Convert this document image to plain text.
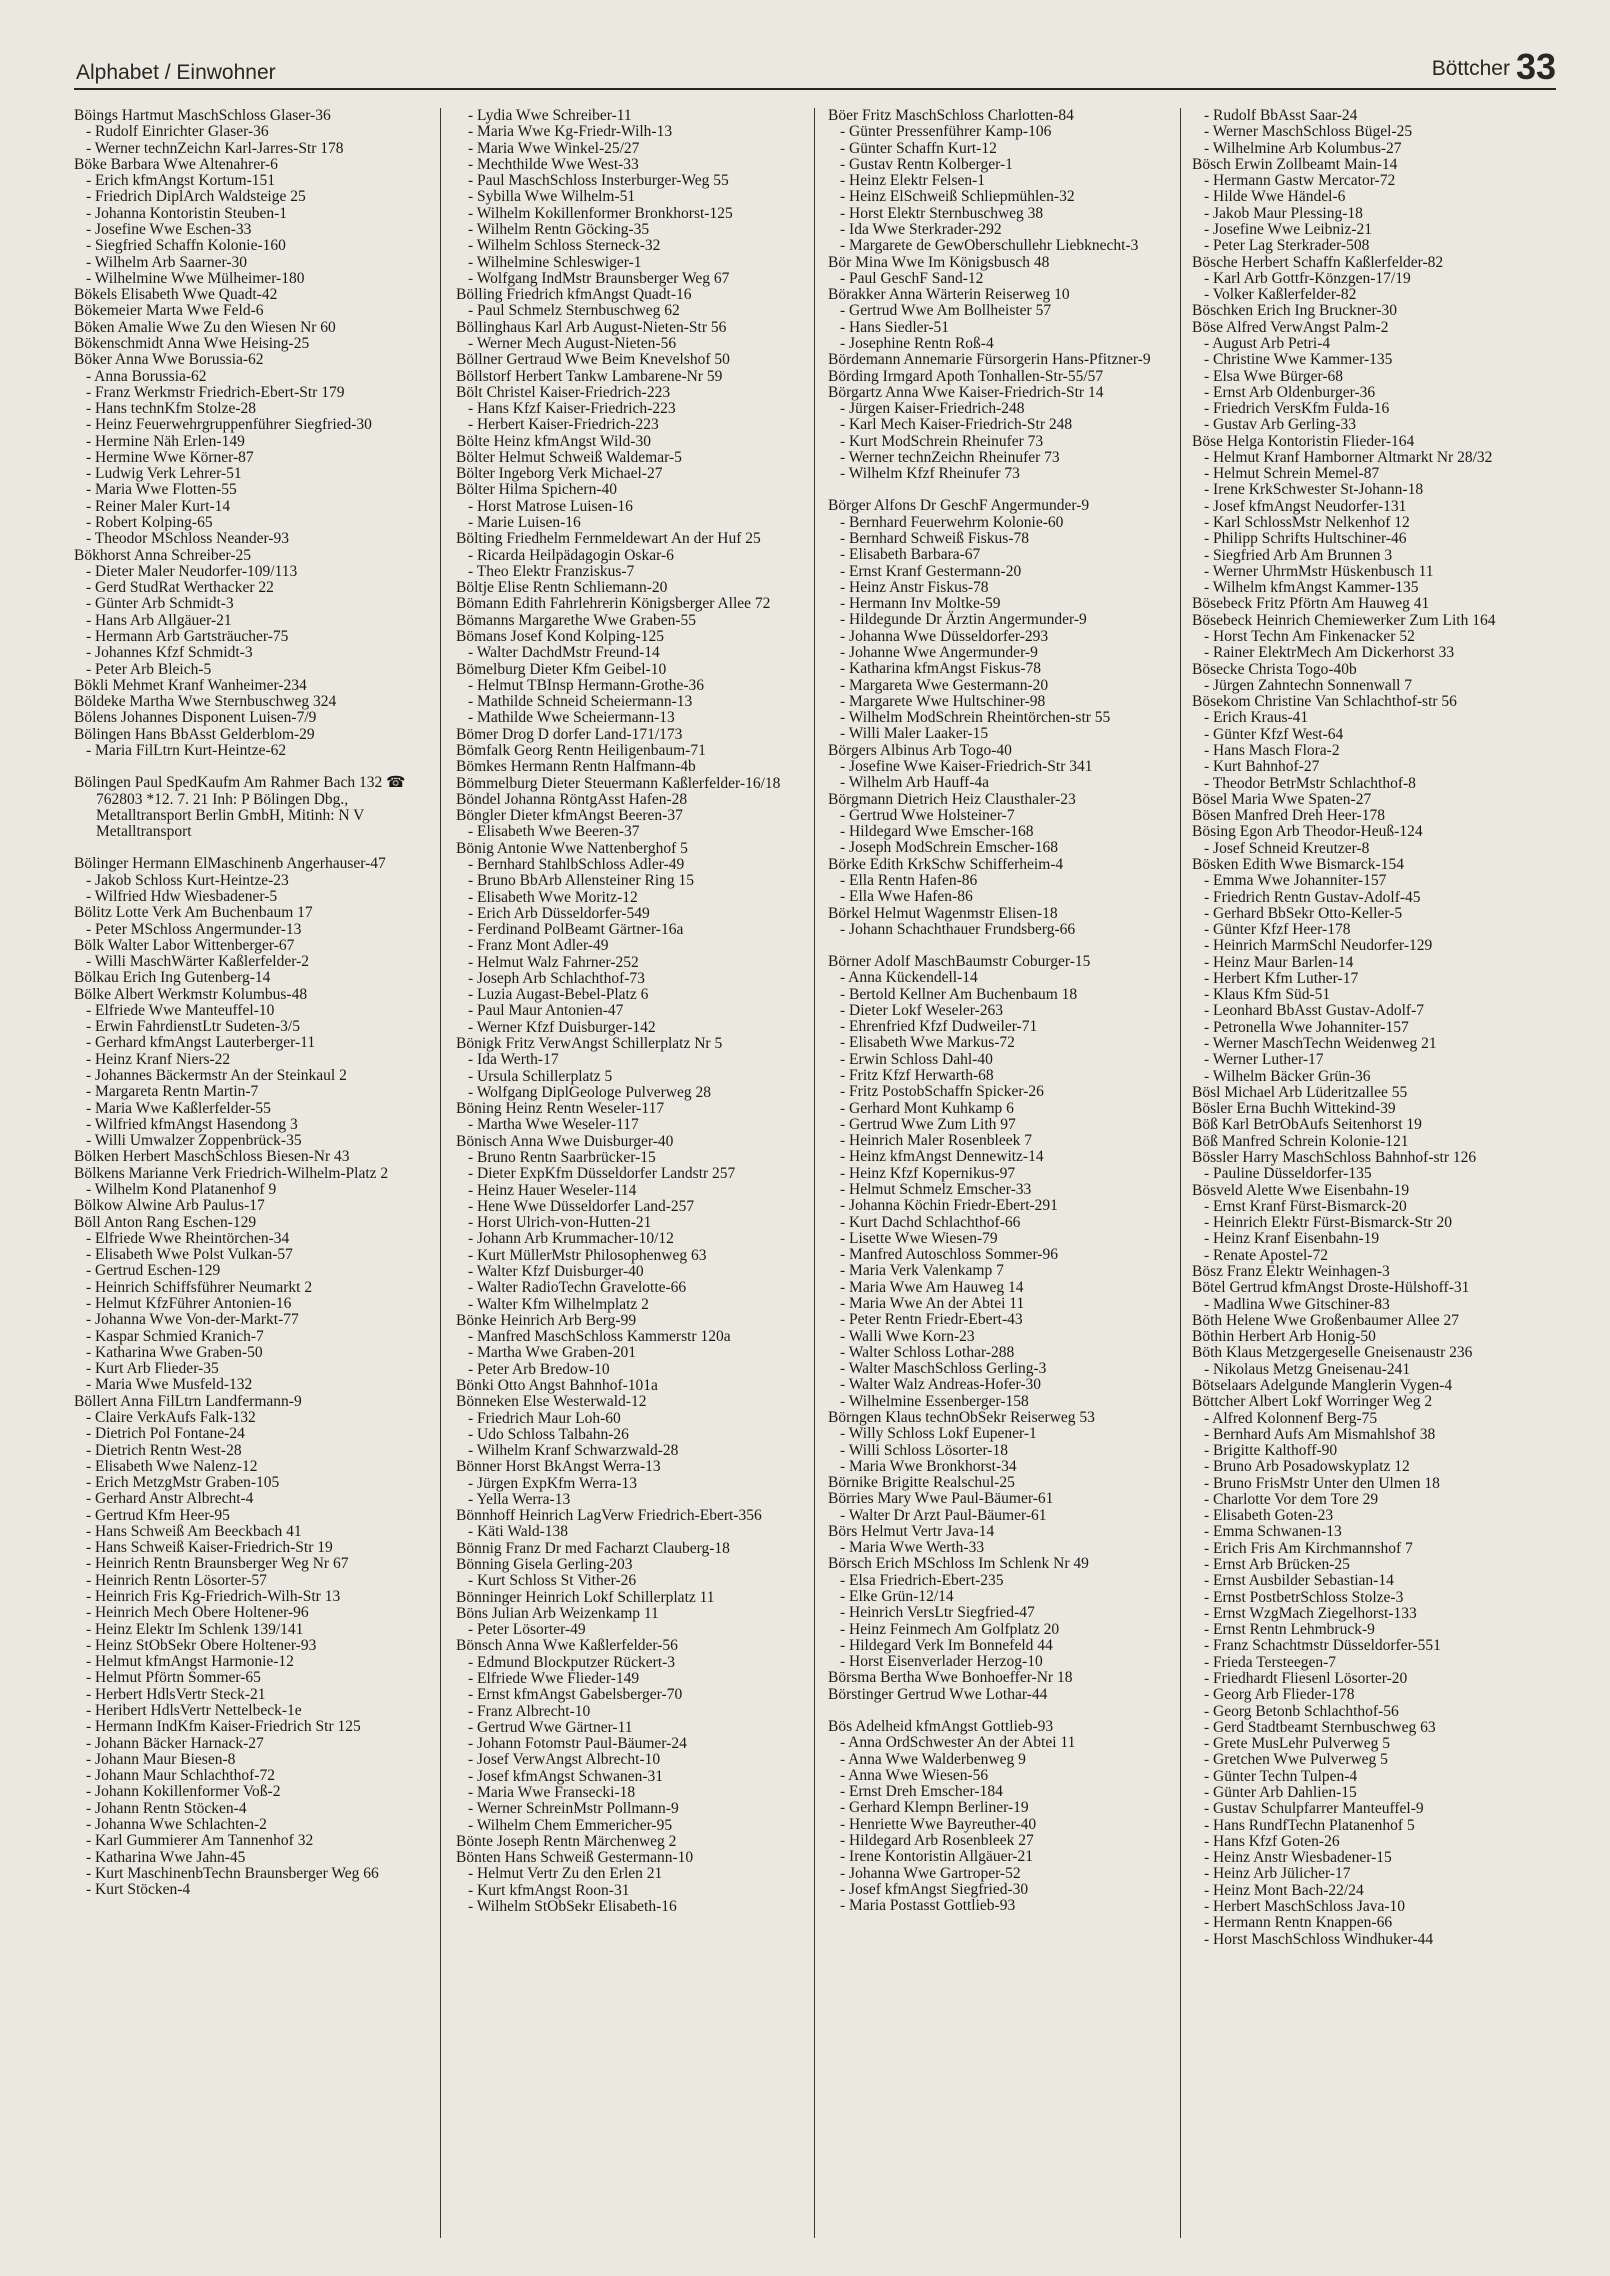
Alphabet / Einwohner	Böttcher 33
Böings Hartmut MaschSchloss Glaser-36
- Rudolf Einrichter Glaser-36
- Werner technZeichn Karl-Jarres-Str 178
Böke Barbara Wwe Altenahrer-6
- Erich kfmAngst Kortum-151
- Friedrich DiplArch Waldsteige 25
- Johanna Kontoristin Steuben-1
- Josefine Wwe Eschen-33
- Siegfried Schaffn Kolonie-160
- Wilhelm Arb Saarner-30
- Wilhelmine Wwe Mülheimer-180
Bökels Elisabeth Wwe Quadt-42
Bökemeier Marta Wwe Feld-6
Böken Amalie Wwe Zu den Wiesen Nr 60
Bökenschmidt Anna Wwe Heising-25
Böker Anna Wwe Borussia-62
- Anna Borussia-62
- Franz Werkmstr Friedrich-Ebert-Str 179
- Hans technKfm Stolze-28
- Heinz Feuerwehrgruppenführer Siegfried-30
- Hermine Näh Erlen-149
- Hermine Wwe Körner-87
- Ludwig Verk Lehrer-51
- Maria Wwe Flotten-55
- Reiner Maler Kurt-14
- Robert Kolping-65
- Theodor MSchloss Neander-93
Bökhorst Anna Schreiber-25
- Dieter Maler Neudorfer-109/113
- Gerd StudRat Werthacker 22
- Günter Arb Schmidt-3
- Hans Arb Allgäuer-21
- Hermann Arb Gartsträucher-75
- Johannes Kfzf Schmidt-3
- Peter Arb Bleich-5
Bökli Mehmet Kranf Wanheimer-234
Böldeke Martha Wwe Sternbuschweg 324
Bölens Johannes Disponent Luisen-7/9
Bölingen Hans BbAsst Gelderblom-29
- Maria FilLtrn Kurt-Heintze-62
Bölingen Paul SpedKaufm Am Rahmer Bach 132 ☎ 762803 *12. 7. 21 Inh: P Bölingen Dbg., Metalltransport Berlin GmbH, Mitinh: N V Metalltransport
Bölinger Hermann ElMaschinenb Angerhauser-47
- Jakob Schloss Kurt-Heintze-23
- Wilfried Hdw Wiesbadener-5
Bölitz Lotte Verk Am Buchenbaum 17
- Peter MSchloss Angermunder-13
Bölk Walter Labor Wittenberger-67
- Willi MaschWärter Kaßlerfelder-2
Bölkau Erich Ing Gutenberg-14
Bölke Albert Werkmstr Kolumbus-48
- Elfriede Wwe Manteuffel-10
- Erwin FahrdienstLtr Sudeten-3/5
- Gerhard kfmAngst Lauterberger-11
- Heinz Kranf Niers-22
- Johannes Bäckermstr An der Steinkaul 2
- Margareta Rentn Martin-7
- Maria Wwe Kaßlerfelder-55
- Wilfried kfmAngst Hasendong 3
- Willi Umwalzer Zoppenbrück-35
Bölken Herbert MaschSchloss Biesen-Nr 43
Bölkens Marianne Verk Friedrich-Wilhelm-Platz 2
- Wilhelm Kond Platanenhof 9
Bölkow Alwine Arb Paulus-17
Böll Anton Rang Eschen-129
- Elfriede Wwe Rheintörchen-34
- Elisabeth Wwe Polst Vulkan-57
- Gertrud Eschen-129
- Heinrich Schiffsführer Neumarkt 2
- Helmut KfzFührer Antonien-16
- Johanna Wwe Von-der-Markt-77
- Kaspar Schmied Kranich-7
- Katharina Wwe Graben-50
- Kurt Arb Flieder-35
- Maria Wwe Musfeld-132
Böllert Anna FilLtrn Landfermann-9
- Claire VerkAufs Falk-132
- Dietrich Pol Fontane-24
- Dietrich Rentn West-28
- Elisabeth Wwe Nalenz-12
- Erich MetzgMstr Graben-105
- Gerhard Anstr Albrecht-4
- Gertrud Kfm Heer-95
- Hans Schweiß Am Beeckbach 41
- Hans Schweiß Kaiser-Friedrich-Str 19
- Heinrich Rentn Braunsberger Weg Nr 67
- Heinrich Rentn Lösorter-57
- Heinrich Fris Kg-Friedrich-Wilh-Str 13
- Heinrich Mech Obere Holtener-96
- Heinz Elektr Im Schlenk 139/141
- Heinz StObSekr Obere Holtener-93
- Helmut kfmAngst Harmonie-12
- Helmut Pförtn Sommer-65
- Herbert HdlsVertr Steck-21
- Heribert HdlsVertr Nettelbeck-1e
- Hermann IndKfm Kaiser-Friedrich Str 125
- Johann Bäcker Harnack-27
- Johann Maur Biesen-8
- Johann Maur Schlachthof-72
- Johann Kokillenformer Voß-2
- Johann Rentn Stöcken-4
- Johanna Wwe Schlachten-2
- Karl Gummierer Am Tannenhof 32
- Katharina Wwe Jahn-45
- Kurt MaschinenbTechn Braunsberger Weg 66
- Kurt Stöcken-4
- Lydia Wwe Schreiber-11
- Maria Wwe Kg-Friedr-Wilh-13
- Maria Wwe Winkel-25/27
- Mechthilde Wwe West-33
- Paul MaschSchloss Insterburger-Weg 55
- Sybilla Wwe Wilhelm-51
- Wilhelm Kokillenformer Bronkhorst-125
- Wilhelm Rentn Göcking-35
- Wilhelm Schloss Sterneck-32
- Wilhelmine Schleswiger-1
- Wolfgang IndMstr Braunsberger Weg 67
Bölling Friedrich kfmAngst Quadt-16
- Paul Schmelz Sternbuschweg 62
Böllinghaus Karl Arb August-Nieten-Str 56
- Werner Mech August-Nieten-56
Böllner Gertraud Wwe Beim Knevelshof 50
Böllstorf Herbert Tankw Lambarene-Nr 59
Bölt Christel Kaiser-Friedrich-223
- Hans Kfzf Kaiser-Friedrich-223
- Herbert Kaiser-Friedrich-223
Bölte Heinz kfmAngst Wild-30
Bölter Helmut Schweiß Waldemar-5
Bölter Ingeborg Verk Michael-27
Bölter Hilma Spichern-40
- Horst Matrose Luisen-16
- Marie Luisen-16
Bölting Friedhelm Fernmeldewart An der Huf 25
- Ricarda Heilpädagogin Oskar-6
- Theo Elektr Franziskus-7
Böltje Elise Rentn Schliemann-20
Bömann Edith Fahrlehrerin Königsberger Allee 72
Bömanns Margarethe Wwe Graben-55
Bömans Josef Kond Kolping-125
- Walter DachdMstr Freund-14
Bömelburg Dieter Kfm Geibel-10
- Helmut TBInsp Hermann-Grothe-36
- Mathilde Schneid Scheiermann-13
- Mathilde Wwe Scheiermann-13
Bömer Drog D dorfer Land-171/173
Bömfalk Georg Rentn Heiligenbaum-71
Bömkes Hermann Rentn Halfmann-4b
Bömmelburg Dieter Steuermann Kaßlerfelder-16/18
Böndel Johanna RöntgAsst Hafen-28
Böngler Dieter kfmAngst Beeren-37
- Elisabeth Wwe Beeren-37
Bönig Antonie Wwe Nattenberghof 5
- Bernhard StahlbSchloss Adler-49
- Bruno BbArb Allensteiner Ring 15
- Elisabeth Wwe Moritz-12
- Erich Arb Düsseldorfer-549
- Ferdinand PolBeamt Gärtner-16a
- Franz Mont Adler-49
- Helmut Walz Fahrner-252
- Joseph Arb Schlachthof-73
- Luzia Augast-Bebel-Platz 6
- Paul Maur Antonien-47
- Werner Kfzf Duisburger-142
Bönigk Fritz VerwAngst Schillerplatz Nr 5
- Ida Werth-17
- Ursula Schillerplatz 5
- Wolfgang DiplGeologe Pulverweg 28
Böning Heinz Rentn Weseler-117
- Martha Wwe Weseler-117
Bönisch Anna Wwe Duisburger-40
- Bruno Rentn Saarbrücker-15
- Dieter ExpKfm Düsseldorfer Landstr 257
- Heinz Hauer Weseler-114
- Hene Wwe Düsseldorfer Land-257
- Horst Ulrich-von-Hutten-21
- Johann Arb Krummacher-10/12
- Kurt MüllerMstr Philosophenweg 63
- Walter Kfzf Duisburger-40
- Walter RadioTechn Gravelotte-66
- Walter Kfm Wilhelmplatz 2
Bönke Heinrich Arb Berg-99
- Manfred MaschSchloss Kammerstr 120a
- Martha Wwe Graben-201
- Peter Arb Bredow-10
Bönki Otto Angst Bahnhof-101a
Bönneken Else Westerwald-12
- Friedrich Maur Loh-60
- Udo Schloss Talbahn-26
- Wilhelm Kranf Schwarzwald-28
Bönner Horst BkAngst Werra-13
- Jürgen ExpKfm Werra-13
- Yella Werra-13
Bönnhoff Heinrich LagVerw Friedrich-Ebert-356
- Käti Wald-138
Bönnig Franz Dr med Facharzt Clauberg-18
Bönning Gisela Gerling-203
- Kurt Schloss St Vither-26
Bönninger Heinrich Lokf Schillerplatz 11
Böns Julian Arb Weizenkamp 11
- Peter Lösorter-49
Bönsch Anna Wwe Kaßlerfelder-56
- Edmund Blockputzer Rückert-3
- Elfriede Wwe Flieder-149
- Ernst kfmAngst Gabelsberger-70
- Franz Albrecht-10
- Gertrud Wwe Gärtner-11
- Johann Fotomstr Paul-Bäumer-24
- Josef VerwAngst Albrecht-10
- Josef kfmAngst Schwanen-31
- Maria Wwe Fransecki-18
- Werner SchreinMstr Pollmann-9
- Wilhelm Chem Emmericher-95
Bönte Joseph Rentn Märchenweg 2
Bönten Hans Schweiß Gestermann-10
- Helmut Vertr Zu den Erlen 21
- Kurt kfmAngst Roon-31
- Wilhelm StObSekr Elisabeth-16
Böer Fritz MaschSchloss Charlotten-84
- Günter Pressenführer Kamp-106
- Günter Schaffn Kurt-12
- Gustav Rentn Kolberger-1
- Heinz Elektr Felsen-1
- Heinz ElSchweiß Schliepmühlen-32
- Horst Elektr Sternbuschweg 38
- Ida Wwe Sterkrader-292
- Margarete de GewOberschullehr Liebknecht-3
Bör Mina Wwe Im Königsbusch 48
- Paul GeschF Sand-12
Börakker Anna Wärterin Reiserweg 10
- Gertrud Wwe Am Bollheister 57
- Hans Siedler-51
- Josephine Rentn Roß-4
Bördemann Annemarie Fürsorgerin Hans-Pfitzner-9
Börding Irmgard Apoth Tonhallen-Str-55/57
Börgartz Anna Wwe Kaiser-Friedrich-Str 14
- Jürgen Kaiser-Friedrich-248
- Karl Mech Kaiser-Friedrich-Str 248
- Kurt ModSchrein Rheinufer 73
- Werner technZeichn Rheinufer 73
- Wilhelm Kfzf Rheinufer 73
Börger Alfons Dr GeschF Angermunder-9
- Bernhard Feuerwehrm Kolonie-60
- Bernhard Schweiß Fiskus-78
- Elisabeth Barbara-67
- Ernst Kranf Gestermann-20
- Heinz Anstr Fiskus-78
- Hermann Inv Moltke-59
- Hildegunde Dr Ärztin Angermunder-9
- Johanna Wwe Düsseldorfer-293
- Johanne Wwe Angermunder-9
- Katharina kfmAngst Fiskus-78
- Margareta Wwe Gestermann-20
- Margarete Wwe Hultschiner-98
- Wilhelm ModSchrein Rheintörchen-str 55
- Willi Maler Laaker-15
Börgers Albinus Arb Togo-40
- Josefine Wwe Kaiser-Friedrich-Str 341
- Wilhelm Arb Hauff-4a
Börgmann Dietrich Heiz Clausthaler-23
- Gertrud Wwe Holsteiner-7
- Hildegard Wwe Emscher-168
- Joseph ModSchrein Emscher-168
Börke Edith KrkSchw Schifferheim-4
- Ella Rentn Hafen-86
- Ella Wwe Hafen-86
Börkel Helmut Wagenmstr Elisen-18
- Johann Schachthauer Frundsberg-66
Börner Adolf MaschBaumstr Coburger-15
- Anna Kückendell-14
- Bertold Kellner Am Buchenbaum 18
- Dieter Lokf Weseler-263
- Ehrenfried Kfzf Dudweiler-71
- Elisabeth Wwe Markus-72
- Erwin Schloss Dahl-40
- Fritz Kfzf Herwarth-68
- Fritz PostobSchaffn Spicker-26
- Gerhard Mont Kuhkamp 6
- Gertrud Wwe Zum Lith 97
- Heinrich Maler Rosenbleek 7
- Heinz kfmAngst Dennewitz-14
- Heinz Kfzf Kopernikus-97
- Helmut Schmelz Emscher-33
- Johanna Köchin Friedr-Ebert-291
- Kurt Dachd Schlachthof-66
- Lisette Wwe Wiesen-79
- Manfred Autoschloss Sommer-96
- Maria Verk Valenkamp 7
- Maria Wwe Am Hauweg 14
- Maria Wwe An der Abtei 11
- Peter Rentn Friedr-Ebert-43
- Walli Wwe Korn-23
- Walter Schloss Lothar-288
- Walter MaschSchloss Gerling-3
- Walter Walz Andreas-Hofer-30
- Wilhelmine Essenberger-158
Börngen Klaus technObSekr Reiserweg 53
- Willy Schloss Lokf Eupener-1
- Willi Schloss Lösorter-18
- Maria Wwe Bronkhorst-34
Börnike Brigitte Realschul-25
Börries Mary Wwe Paul-Bäumer-61
- Walter Dr Arzt Paul-Bäumer-61
Börs Helmut Vertr Java-14
- Maria Wwe Werth-33
Börsch Erich MSchloss Im Schlenk Nr 49
- Elsa Friedrich-Ebert-235
- Elke Grün-12/14
- Heinrich VersLtr Siegfried-47
- Heinz Feinmech Am Golfplatz 20
- Hildegard Verk Im Bonnefeld 44
- Horst Eisenverlader Herzog-10
Börsma Bertha Wwe Bonhoeffer-Nr 18
Börstinger Gertrud Wwe Lothar-44
Bös Adelheid kfmAngst Gottlieb-93
- Anna OrdSchwester An der Abtei 11
- Anna Wwe Walderbenweg 9
- Anna Wwe Wiesen-56
- Ernst Dreh Emscher-184
- Gerhard Klempn Berliner-19
- Henriette Wwe Bayreuther-40
- Hildegard Arb Rosenbleek 27
- Irene Kontoristin Allgäuer-21
- Johanna Wwe Gartroper-52
- Josef kfmAngst Siegfried-30
- Maria Postasst Gottlieb-93
- Rudolf BbAsst Saar-24
- Werner MaschSchloss Bügel-25
- Wilhelmine Arb Kolumbus-27
Bösch Erwin Zollbeamt Main-14
- Hermann Gastw Mercator-72
- Hilde Wwe Händel-6
- Jakob Maur Plessing-18
- Josefine Wwe Leibniz-21
- Peter Lag Sterkrader-508
Bösche Herbert Schaffn Kaßlerfelder-82
- Karl Arb Gottfr-Könzgen-17/19
- Volker Kaßlerfelder-82
Böschken Erich Ing Bruckner-30
Böse Alfred VerwAngst Palm-2
- August Arb Petri-4
- Christine Wwe Kammer-135
- Elsa Wwe Bürger-68
- Ernst Arb Oldenburger-36
- Friedrich VersKfm Fulda-16
- Gustav Arb Gerling-33
Böse Helga Kontoristin Flieder-164
- Helmut Kranf Hamborner Altmarkt Nr 28/32
- Helmut Schrein Memel-87
- Irene KrkSchwester St-Johann-18
- Josef kfmAngst Neudorfer-131
- Karl SchlossMstr Nelkenhof 12
- Philipp Schrifts Hultschiner-46
- Siegfried Arb Am Brunnen 3
- Werner UhrmMstr Hüskenbusch 11
- Wilhelm kfmAngst Kammer-135
Bösebeck Fritz Pförtn Am Hauweg 41
Bösebeck Heinrich Chemiewerker Zum Lith 164
- Horst Techn Am Finkenacker 52
- Rainer ElektrMech Am Dickerhorst 33
Bösecke Christa Togo-40b
- Jürgen Zahntechn Sonnenwall 7
Bösekom Christine Van Schlachthof-str 56
- Erich Kraus-41
- Günter Kfzf West-64
- Hans Masch Flora-2
- Kurt Bahnhof-27
- Theodor BetrMstr Schlachthof-8
Bösel Maria Wwe Spaten-27
Bösen Manfred Dreh Heer-178
Bösing Egon Arb Theodor-Heuß-124
- Josef Schneid Kreutzer-8
Bösken Edith Wwe Bismarck-154
- Emma Wwe Johanniter-157
- Friedrich Rentn Gustav-Adolf-45
- Gerhard BbSekr Otto-Keller-5
- Günter Kfzf Heer-178
- Heinrich MarmSchl Neudorfer-129
- Heinz Maur Barlen-14
- Herbert Kfm Luther-17
- Klaus Kfm Süd-51
- Leonhard BbAsst Gustav-Adolf-7
- Petronella Wwe Johanniter-157
- Werner MaschTechn Weidenweg 21
- Werner Luther-17
- Wilhelm Bäcker Grün-36
Bösl Michael Arb Lüderitzallee 55
Bösler Erna Buchh Wittekind-39
Böß Karl BetrObAufs Seitenhorst 19
Böß Manfred Schrein Kolonie-121
Bössler Harry MaschSchloss Bahnhof-str 126
- Pauline Düsseldorfer-135
Bösveld Alette Wwe Eisenbahn-19
- Ernst Kranf Fürst-Bismarck-20
- Heinrich Elektr Fürst-Bismarck-Str 20
- Heinz Kranf Eisenbahn-19
- Renate Apostel-72
Bösz Franz Elektr Weinhagen-3
Bötel Gertrud kfmAngst Droste-Hülshoff-31
- Madlina Wwe Gitschiner-83
Böth Helene Wwe Großenbaumer Allee 27
Böthin Herbert Arb Honig-50
Böth Klaus Metzgergeselle Gneisenaustr 236
- Nikolaus Metzg Gneisenau-241
Bötselaars Adelgunde Manglerin Vygen-4
Böttcher Albert Lokf Worringer Weg 2
- Alfred Kolonnenf Berg-75
- Bernhard Aufs Am Mismahlshof 38
- Brigitte Kalthoff-90
- Bruno Arb Posadowskyplatz 12
- Bruno FrisMstr Unter den Ulmen 18
- Charlotte Vor dem Tore 29
- Elisabeth Goten-23
- Emma Schwanen-13
- Erich Fris Am Kirchmannshof 7
- Ernst Arb Brücken-25
- Ernst Ausbilder Sebastian-14
- Ernst PostbetrSchloss Stolze-3
- Ernst WzgMach Ziegelhorst-133
- Ernst Rentn Lehmbruck-9
- Franz Schachtmstr Düsseldorfer-551
- Frieda Tersteegen-7
- Friedhardt Fliesenl Lösorter-20
- Georg Arb Flieder-178
- Georg Betonb Schlachthof-56
- Gerd Stadtbeamt Sternbuschweg 63
- Grete MusLehr Pulverweg 5
- Gretchen Wwe Pulverweg 5
- Günter Techn Tulpen-4
- Günter Arb Dahlien-15
- Gustav Schulpfarrer Manteuffel-9
- Hans RundfTechn Platanenhof 5
- Hans Kfzf Goten-26
- Heinz Anstr Wiesbadener-15
- Heinz Arb Jülicher-17
- Heinz Mont Bach-22/24
- Herbert MaschSchloss Java-10
- Hermann Rentn Knappen-66
- Horst MaschSchloss Windhuker-44
